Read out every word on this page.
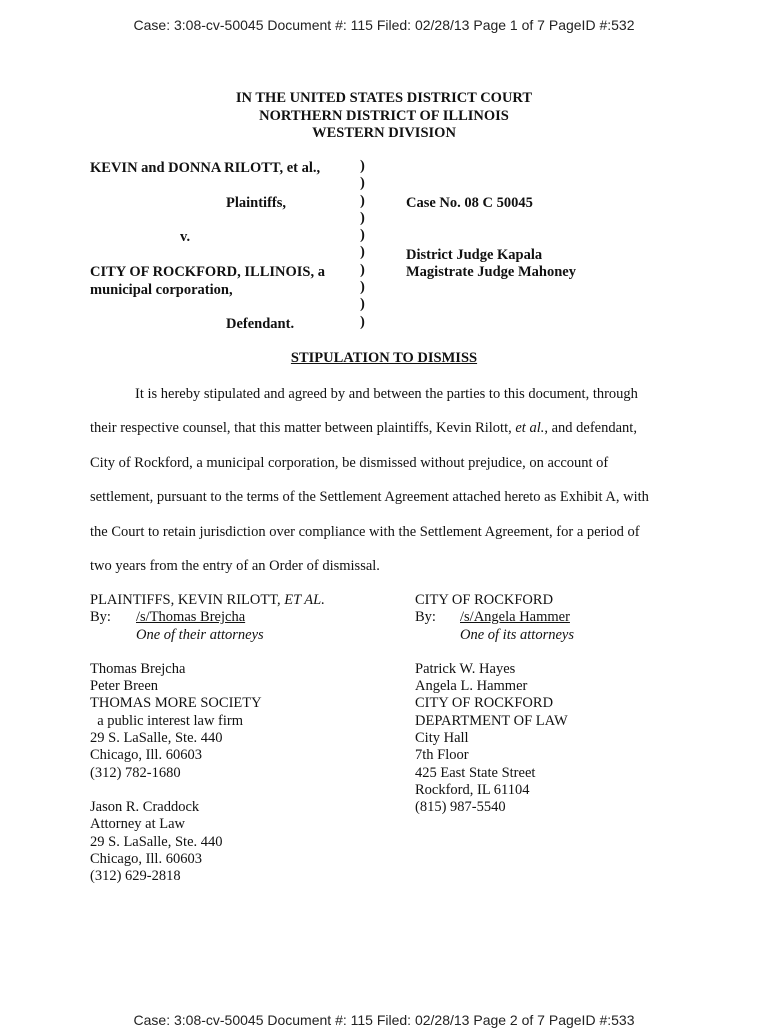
Case: 3:08-cv-50045 Document #: 115 Filed: 02/28/13 Page 1 of 7 PageID #:532
IN THE UNITED STATES DISTRICT COURT
NORTHERN DISTRICT OF ILLINOIS
WESTERN DIVISION
KEVIN and DONNA RILOTT, et al.,
Plaintiffs,
v.
CITY OF ROCKFORD, ILLINOIS, a
municipal corporation,
Defendant.
)
)
)
)
)
)
)
)
)
)
Case No. 08 C 50045
District Judge Kapala
Magistrate Judge Mahoney
STIPULATION TO DISMISS
It is hereby stipulated and agreed by and between the parties to this document, through
their respective counsel, that this matter between plaintiffs, Kevin Rilott, et al., and defendant,
City of Rockford, a municipal corporation, be dismissed without prejudice, on account of
settlement, pursuant to the terms of the Settlement Agreement attached hereto as Exhibit A, with
the Court to retain jurisdiction over compliance with the Settlement Agreement, for a period of
two years from the entry of an Order of dismissal.
PLAINTIFFS, KEVIN RILOTT, ET AL.
By: /s/Thomas Brejcha
One of their attorneys
Thomas Brejcha
Peter Breen
THOMAS MORE SOCIETY
a public interest law firm
29 S. LaSalle, Ste. 440
Chicago, Ill. 60603
(312) 782-1680
Jason R. Craddock
Attorney at Law
29 S. LaSalle, Ste. 440
Chicago, Ill. 60603
(312) 629-2818
CITY OF ROCKFORD
By: /s/Angela Hammer
One of its attorneys
Patrick W. Hayes
Angela L. Hammer
CITY OF ROCKFORD
DEPARTMENT OF LAW
City Hall
7th Floor
425 East State Street
Rockford, IL 61104
(815) 987-5540
Case: 3:08-cv-50045 Document #: 115 Filed: 02/28/13 Page 2 of 7 PageID #:533
